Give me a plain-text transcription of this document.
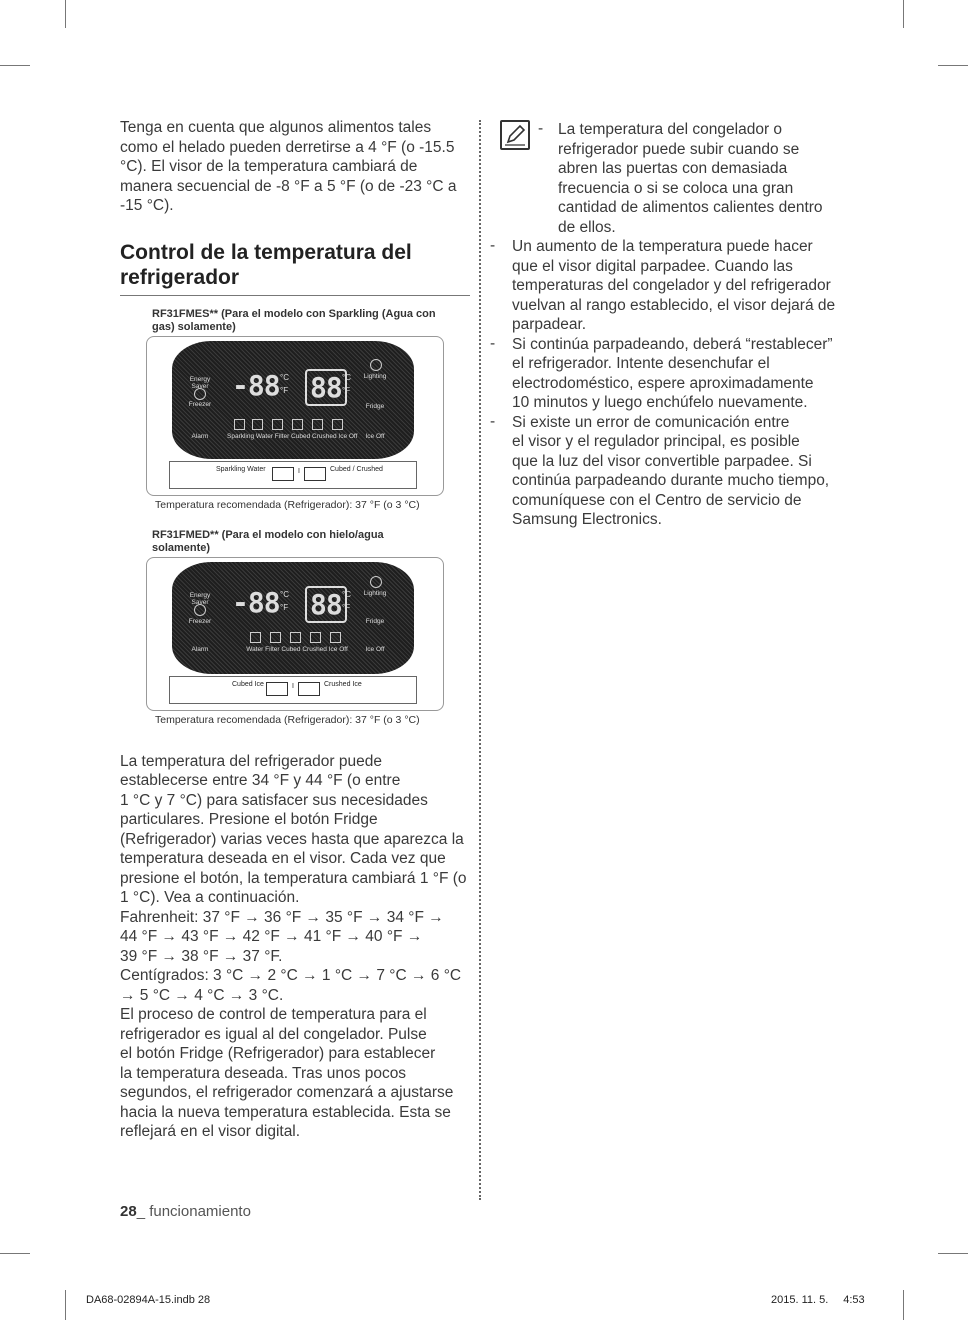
Tenga en cuenta que algunos alimentos tales como el helado pueden derretirse a 4 °F (o -15.5 °C). El visor de la temperatura cambiará de manera secuencial de -8 °F a 5 °F (o de -23 °C a -15 °C).

Control de la temperatura del
refrigerador
RF31FMES** (Para el modelo con Sparkling (Agua con gas) solamente)
Energy Saver
Freezer
Alarm
-88 °C
°F 88 °C
°F
Lighting
Fridge
Ice Off
Sparkling Water Filter Cubed Crushed Ice Off
Sparkling Water	I	Cubed / Crushed
Temperatura recomendada (Refrigerador): 37 °F (o 3 °C)
RF31FMED** (Para el modelo con hielo/agua solamente)
Energy Saver
Freezer
Alarm
-88 °C
°F 88 °C
°F
Lighting
Fridge
Ice Off
Water Filter Cubed Crushed Ice Off
Cubed Ice	I	Crushed Ice
Temperatura recomendada (Refrigerador): 37 °F (o 3 °C)

La temperatura del refrigerador puede

establecerse entre 34 °F y 44 °F (o entre

1 °C y 7 °C) para satisfacer sus necesidades

particulares. Presione el botón Fridge

(Refrigerador) varias veces hasta que aparezca la

temperatura deseada en el visor. Cada vez que

presione el botón, la temperatura cambiará 1 °F (o

1 °C). Vea a continuación.

Fahrenheit: 37 °F → 36 °F → 35 °F → 34 °F →

44 °F → 43 °F → 42 °F → 41 °F → 40 °F →

39 °F → 38 °F → 37 °F.

Centígrados: 3 °C → 2 °C → 1 °C → 7 °C → 6 °C

→ 5 °C → 4 °C → 3 °C.

El proceso de control de temperatura para el

refrigerador es igual al del congelador. Pulse

el botón Fridge (Refrigerador) para establecer

la temperatura deseada. Tras unos pocos

segundos, el refrigerador comenzará a ajustarse

hacia la nueva temperatura establecida. Esta se

reflejará en el visor digital.

- La temperatura del congelador o

refrigerador puede subir cuando se

abren las puertas con demasiada

frecuencia o si se coloca una gran

cantidad de alimentos calientes dentro

de ellos.

- Un aumento de la temperatura puede hacer

que el visor digital parpadee. Cuando las

temperaturas del congelador y del refrigerador

vuelvan al rango establecido, el visor dejará de

parpadear.

- Si continúa parpadeando, deberá “restablecer”

el refrigerador. Intente desenchufar el

electrodoméstico, espere aproximadamente

10 minutos y luego enchúfelo nuevamente.

- Si existe un error de comunicación entre

el visor y el regulador principal, es posible

que la luz del visor convertible parpadee. Si

continúa parpadeando durante mucho tiempo,

comuníquese con el Centro de servicio de

Samsung Electronics.

28_ funcionamiento
DA68-02894A-15.indb 28	2015. 11. 5.      4:53
